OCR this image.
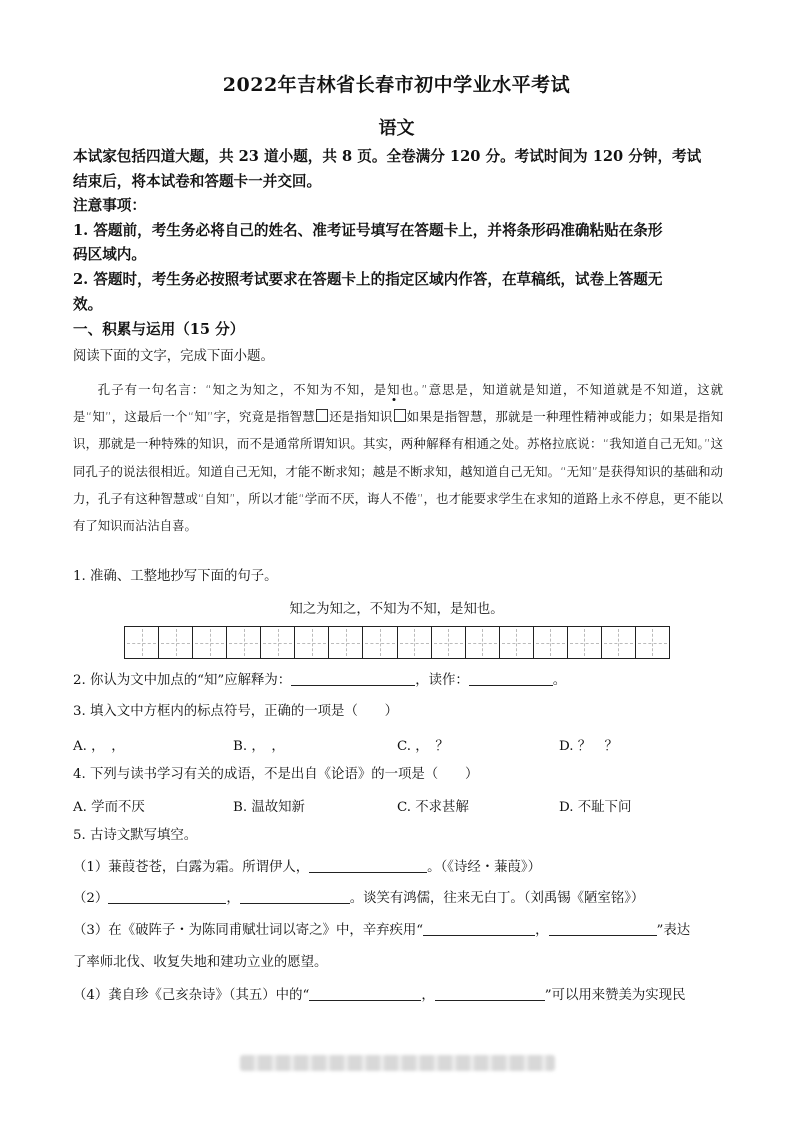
2022年吉林省长春市初中学业水平考试
语文
本试家包括四道大题，共 23 道小题，共 8 页。全卷满分 120 分。考试时间为 120 分钟，考试
结束后，将本试卷和答题卡一并交回。
注意事项：
1. 答题前，考生务必将自己的姓名、准考证号填写在答题卡上，并将条形码准确粘贴在条形
码区域内。
2. 答题时，考生务必按照考试要求在答题卡上的指定区域内作答，在草稿纸，试卷上答题无
效。
一、积累与运用（15 分）
阅读下面的文字，完成下面小题。
孔子有一句名言：“知之为知之，不知为不知，是知也。”意思是，知道就是知道，不知道就是不知道，这就是“知”，这最后一个“知”字，究竟是指智慧 还是指知识 如果是指智慧，那就是一种理性精神或能力；如果是指知识，那就是一种特殊的知识，而不是通常所谓知识。其实，两种解释有相通之处。苏格拉底说：“我知道自己无知。”这同孔子的说法很相近。知道自己无知，才能不断求知；越是不断求知，越知道自己无知。“无知”是获得知识的基础和动力，孔子有这种智慧或“自知”，所以才能“学而不厌，诲人不倦”，也才能要求学生在求知的道路上永不停息，更不能以有了知识而沾沾自喜。
1. 准确、工整地抄写下面的句子。
知之为知之，不知为不知，是知也。
2. 你认为文中加点的“知”应解释为：	，读作：	。
3. 填入文中方框内的标点符号，正确的一项是（　　）
A. ，　，	B. ，　，	C. ，　？	D. ？　？
4. 下列与读书学习有关的成语，不是出自《论语》的一项是（　　）
A. 学而不厌	B. 温故知新	C. 不求甚解	D. 不耻下问
5. 古诗文默写填空。
（1）蒹葭苍苍，白露为霜。所谓伊人，	。（《诗经・蒹葭》）
（2）	，	。谈笑有鸿儒，往来无白丁。（刘禹锡《陋室铭》）
（3）在《破阵子・为陈同甫赋壮词以寄之》中，辛弃疾用“	，	”表达
了率师北伐、收复失地和建功立业的愿望。
（4）龚自珍《己亥杂诗》（其五）中的“	，	”可以用来赞美为实现民
